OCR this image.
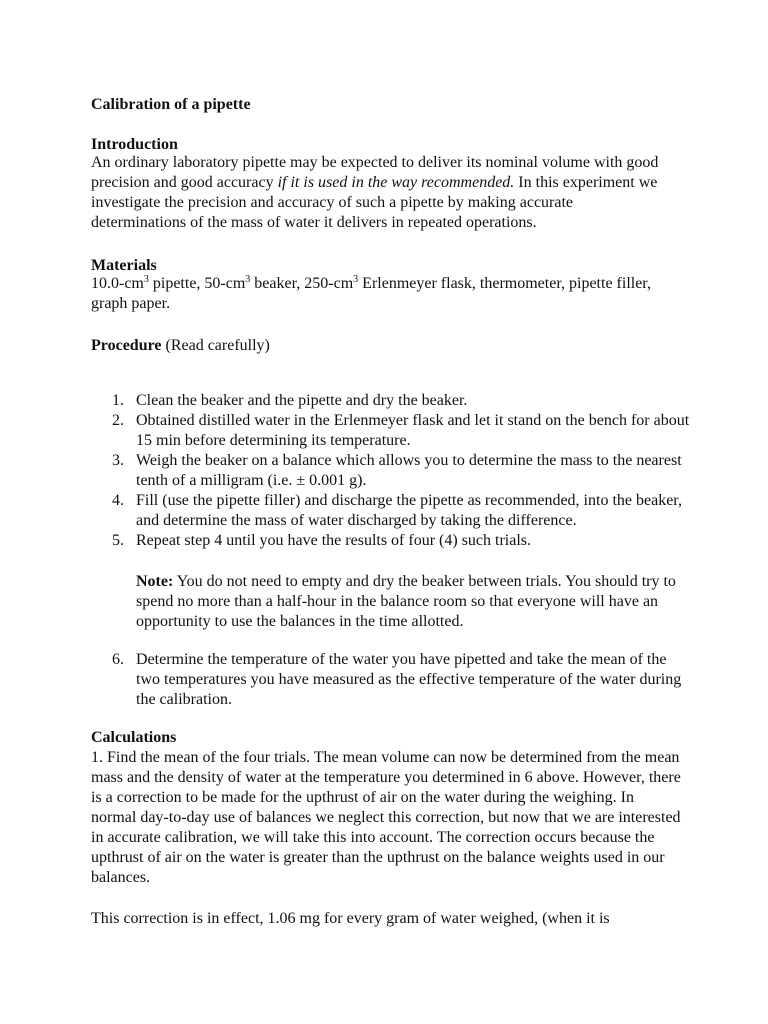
Calibration of a pipette

Introduction

An ordinary laboratory pipette may be expected to deliver its nominal volume with good precision and good accuracy if it is used in the way recommended. In this experiment we investigate the precision and accuracy of such a pipette by making accurate determinations of the mass of water it delivers in repeated operations.

Materials

$10.0-cm^3$ pipette, $50-cm^3$ beaker, $250-cm^3$ Erlenmeyer flask, thermometer, pipette filler, graph paper.

Procedure (Read carefully)

1. Clean the beaker and the pipette and dry the beaker.
2. Obtained distilled water in the Erlenmeyer flask and let it stand on the bench for about 15 min before determining its temperature.
3. Weigh the beaker on a balance which allows you to determine the mass to the nearest tenth of a milligram (i.e. ± 0.001 g).
4. Fill (use the pipette filler) and discharge the pipette as recommended, into the beaker, and determine the mass of water discharged by taking the difference.
5. Repeat step 4 until you have the results of four (4) such trials.

Note: You do not need to empty and dry the beaker between trials. You should try to spend no more than a half-hour in the balance room so that everyone will have an opportunity to use the balances in the time allotted.

6. Determine the temperature of the water you have pipetted and take the mean of the two temperatures you have measured as the effective temperature of the water during the calibration.

Calculations

1. Find the mean of the four trials. The mean volume can now be determined from the mean mass and the density of water at the temperature you determined in 6 above. However, there is a correction to be made for the upthrust of air on the water during the weighing. In normal day-to-day use of balances we neglect this correction, but now that we are interested in accurate calibration, we will take this into account. The correction occurs because the upthrust of air on the water is greater than the upthrust on the balance weights used in our balances.

This correction is in effect, 1.06 mg for every gram of water weighed, (when it is
